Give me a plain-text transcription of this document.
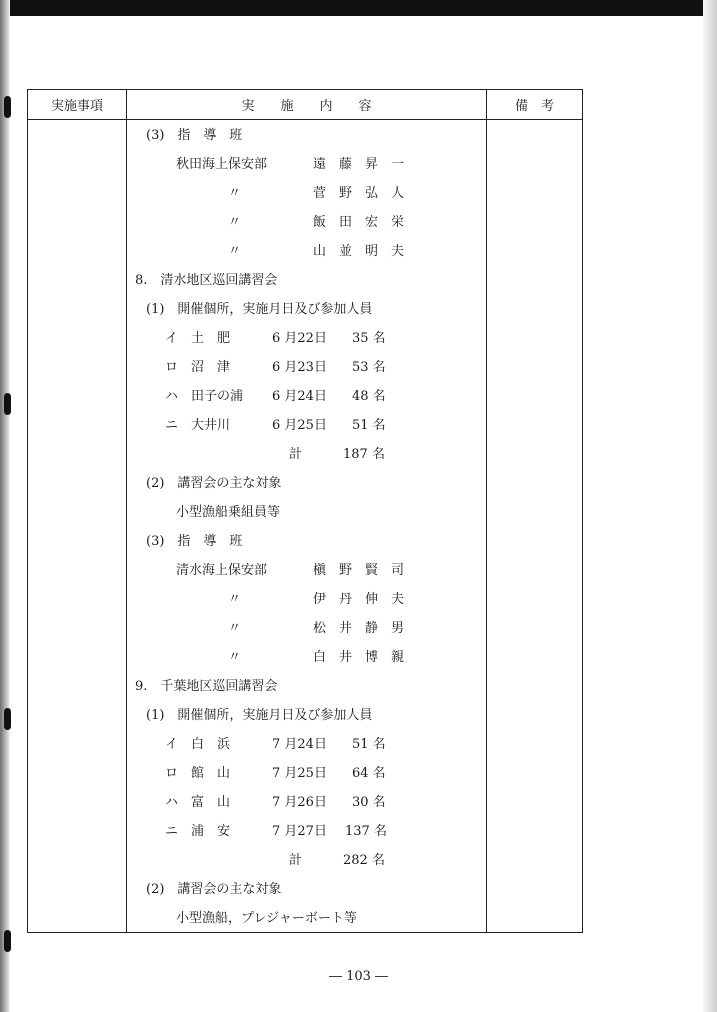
実施事項	実　　施　　内　　容	備　考

(3)　指　導　班
秋田海上保安部	遠　藤　昇　一
〃	菅　野　弘　人
〃	飯　田　宏　栄
〃	山　並　明　夫
8.　清水地区巡回講習会
(1)　開催個所，実施月日及び参加人員
イ　土　肥	6 月22日 35 名
ロ　沼　津	6 月23日 53 名
ハ　田子の浦 6 月24日 48 名
ニ　大井川	6 月25日 51 名
計	187 名
(2)　講習会の主な対象
小型漁船乗組員等
(3)　指　導　班
清水海上保安部	槇　野　賢　司
〃	伊　丹　伸　夫
〃	松　井　静　男
〃	白　井　博　親
9.　千葉地区巡回講習会
(1)　開催個所，実施月日及び参加人員
イ　白　浜	7 月24日 51 名
ロ　館　山	7 月25日 64 名
ハ　富　山	7 月26日 30 名
ニ　浦　安	7 月27日 137 名
計	282 名
(2)　講習会の主な対象
小型漁船，プレジャーボート等
― 103 ―
